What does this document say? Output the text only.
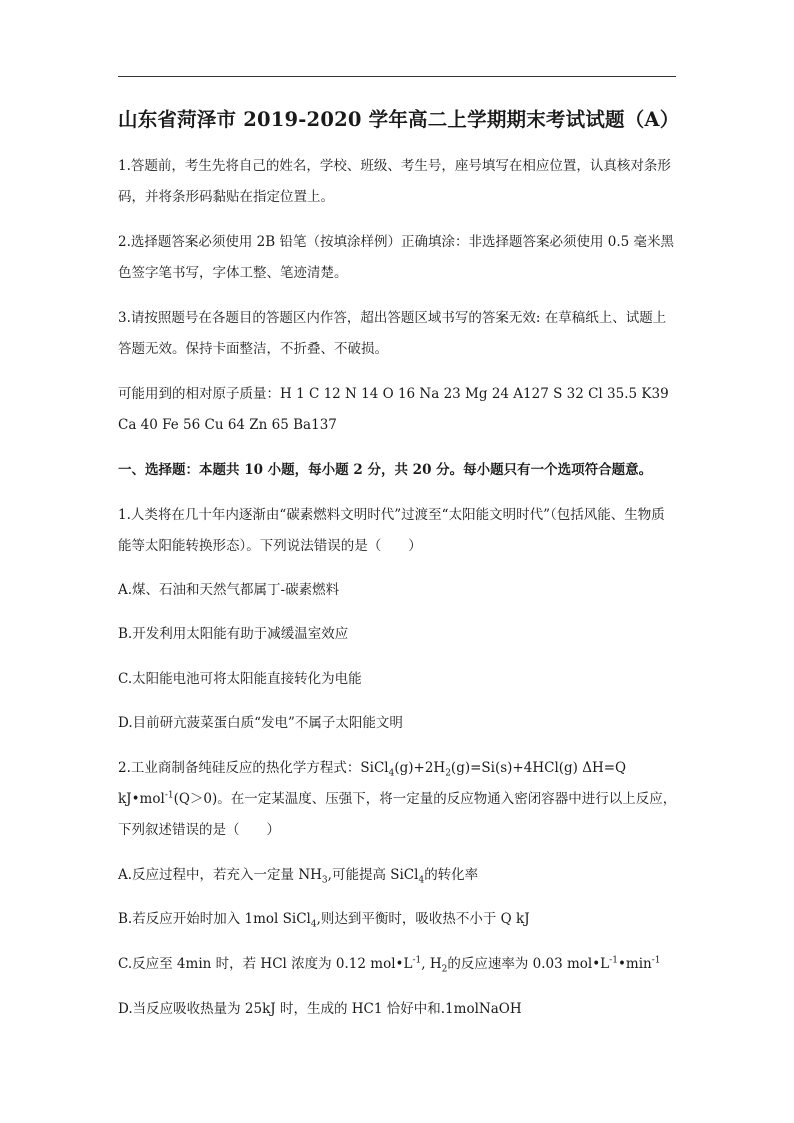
山东省菏泽市 2019-2020 学年高二上学期期末考试试题（A）

1.答题前，考生先将自己的姓名，学校、班级、考生号，座号填写在相应位置，认真核对条形码，并将条形码黏贴在指定位置上。

2.选择题答案必须使用 2B 铅笔（按填涂样例）正确填涂：非选择题答案必须使用 0.5 毫米黑色签字笔书写，字体工整、笔迹清楚。

3.请按照题号在各题目的答题区内作答，超出答题区域书写的答案无效: 在草稿纸上、试题上答题无效。保持卡面整洁，不折叠、不破损。

可能用到的相对原子质量：H 1 C 12 N 14 O 16 Na 23 Mg 24 A127 S 32 Cl 35.5 K39 Ca 40 Fe 56 Cu 64 Zn 65 Ba137

一、选择题：本题共 10 小题，每小题 2 分，共 20 分。每小题只有一个选项符合题意。

1.人类将在几十年内逐渐由“碳素燃料文明时代”过渡至“太阳能文明时代”（包括风能、生物质能等太阳能转换形态）。下列说法错误的是（　　）

A.煤、石油和天然气都属丁-碳素燃料

B.开发利用太阳能有助于减缓温室效应

C.太阳能电池可将太阳能直接转化为电能

D.目前研亢菠菜蛋白质“发电”不属子太阳能文明

2.工业商制备纯硅反应的热化学方程式：$SiCl_4(g)+2H_2(g)=Si(s)+4HCl(g)$ ΔH=Q kJ•mol$^{-1}$(Q＞0)。在一定某温度、压强下，将一定量的反应物通入密闭容器中进行以上反应，下列叙述错误的是（　　）

A.反应过程中，若充入一定量 $NH_3$,可能提高 SiCl$_4$的转化率

B.若反应开始时加入 1mol SiCl$_4$,则达到平衡时，吸收热不小于 Q kJ

C.反应至 4min 时，若 HCl 浓度为 0.12 $mol•L^{-1}$, $H_2$的反应速率为 0.03 $mol•L^{-1}•\min^{-1}$

D.当反应吸收热量为 25kJ 时，生成的 HC1 恰好中和.1molNaOH
